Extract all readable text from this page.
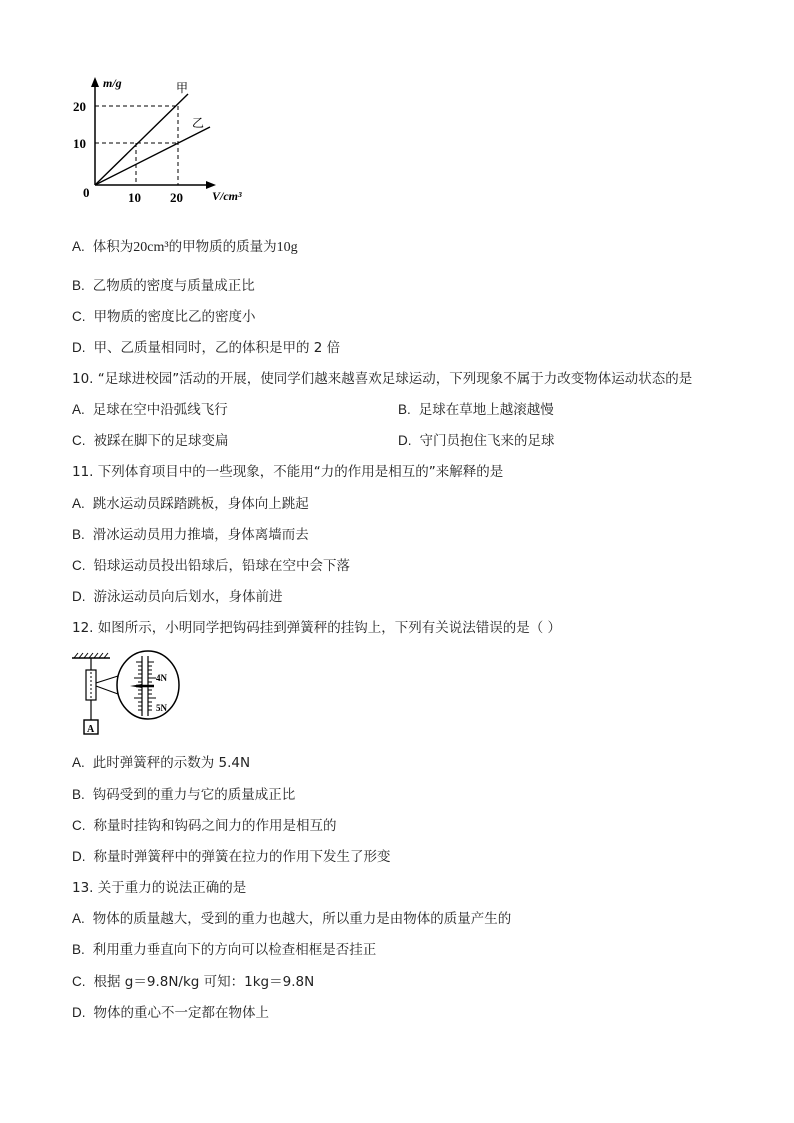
m/g
V/cm³
0
20
10
10 20
甲
乙
A. 体积为20cm³的甲物质的质量为10g
B. 乙物质的密度与质量成正比
C. 甲物质的密度比乙的密度小
D. 甲、乙质量相同时，乙的体积是甲的 2 倍
10. “足球进校园”活动的开展，使同学们越来越喜欢足球运动，下列现象不属于力改变物体运动状态的是
A. 足球在空中沿弧线飞行	B. 足球在草地上越滚越慢
C. 被踩在脚下的足球变扁	D. 守门员抱住飞来的足球
11. 下列体育项目中的一些现象，不能用“力的作用是相互的”来解释的是
A. 跳水运动员踩踏跳板，身体向上跳起
B. 滑冰运动员用力推墙，身体离墙而去
C. 铅球运动员投出铅球后，铅球在空中会下落
D. 游泳运动员向后划水，身体前进
12. 如图所示，小明同学把钩码挂到弹簧秤的挂钩上，下列有关说法错误的是（ ）
A
4N
5N
A. 此时弹簧秤的示数为 5.4N
B. 钩码受到的重力与它的质量成正比
C. 称量时挂钩和钩码之间力的作用是相互的
D. 称量时弹簧秤中的弹簧在拉力的作用下发生了形变
13. 关于重力的说法正确的是
A. 物体的质量越大，受到的重力也越大，所以重力是由物体的质量产生的
B. 利用重力垂直向下的方向可以检查相框是否挂正
C. 根据 g＝9.8N/kg 可知：1kg＝9.8N
D. 物体的重心不一定都在物体上
